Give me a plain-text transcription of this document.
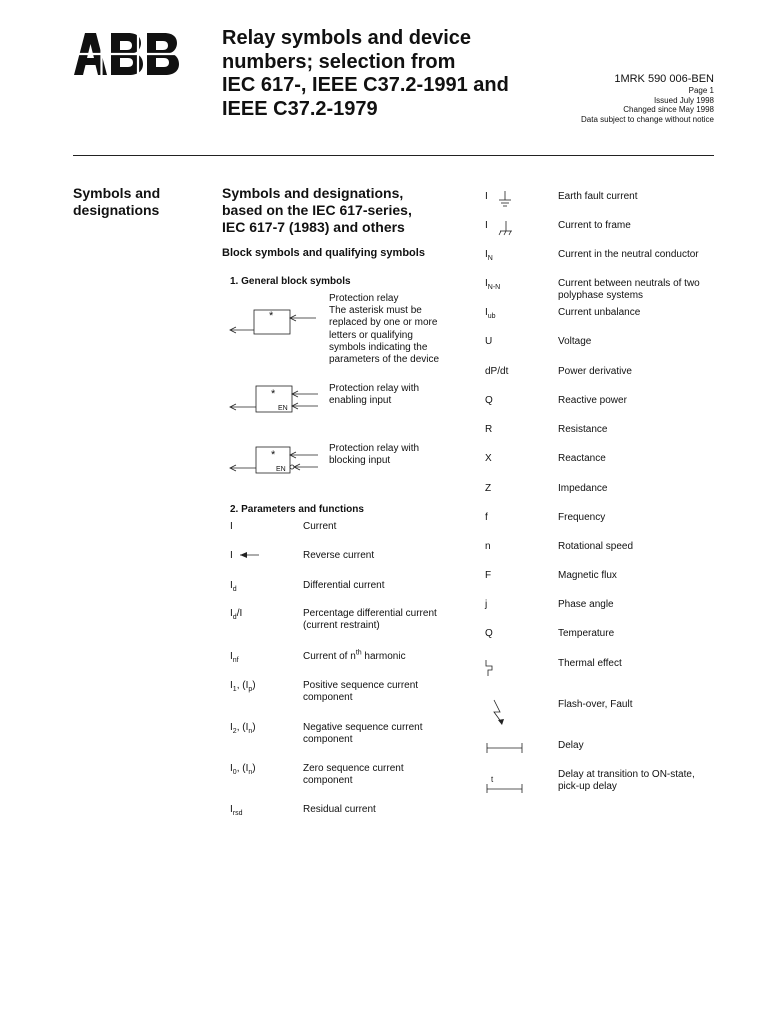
Relay symbols and device
numbers; selection from
IEC 617-, IEEE C37.2-1991 and
IEEE C37.2-1979
1MRK 590 006-BEN
Page 1
Issued July 1998
Changed since May 1998
Data subject to change without notice
Symbols and
designations
Symbols and designations,
based on the IEC 617-series,
IEC 617-7 (1983) and others
Block symbols and qualifying symbols
1. General block symbols
*
Protection relay
The asterisk must be
replaced by one or more
letters or qualifying
symbols indicating the
parameters of the device
*
EN
Protection relay with
enabling input
*
EN
Protection relay with
blocking input
2. Parameters and functions
I	Current
I	Reverse current
$I_d$	Differential current
$I_d/I$	Percentage differential current
(current restraint)
$I_{nf}$	Current of $n^{th}$ harmonic
$I_1$, $(I_p)$	Positive sequence current
component
$I_2$, $(I_n)$	Negative sequence current
component
$I_0$, $(I_n)$	Zero sequence current
component
$I_{rsd}$	Residual current
I	Earth fault current
I	Current to frame
$I_N$	Current in the neutral conductor
$I_{N-N}$	Current between neutrals of two
polyphase systems
$I_{ub}$	Current unbalance
U	Voltage
dP/dt	Power derivative
Q	Reactive power
R	Resistance
X	Reactance
Z	Impedance
f	Frequency
n	Rotational speed
F	Magnetic flux
j	Phase angle
Q	Temperature
Thermal effect
Flash-over, Fault
Delay
t	Delay at transition to ON-state,
pick-up delay
